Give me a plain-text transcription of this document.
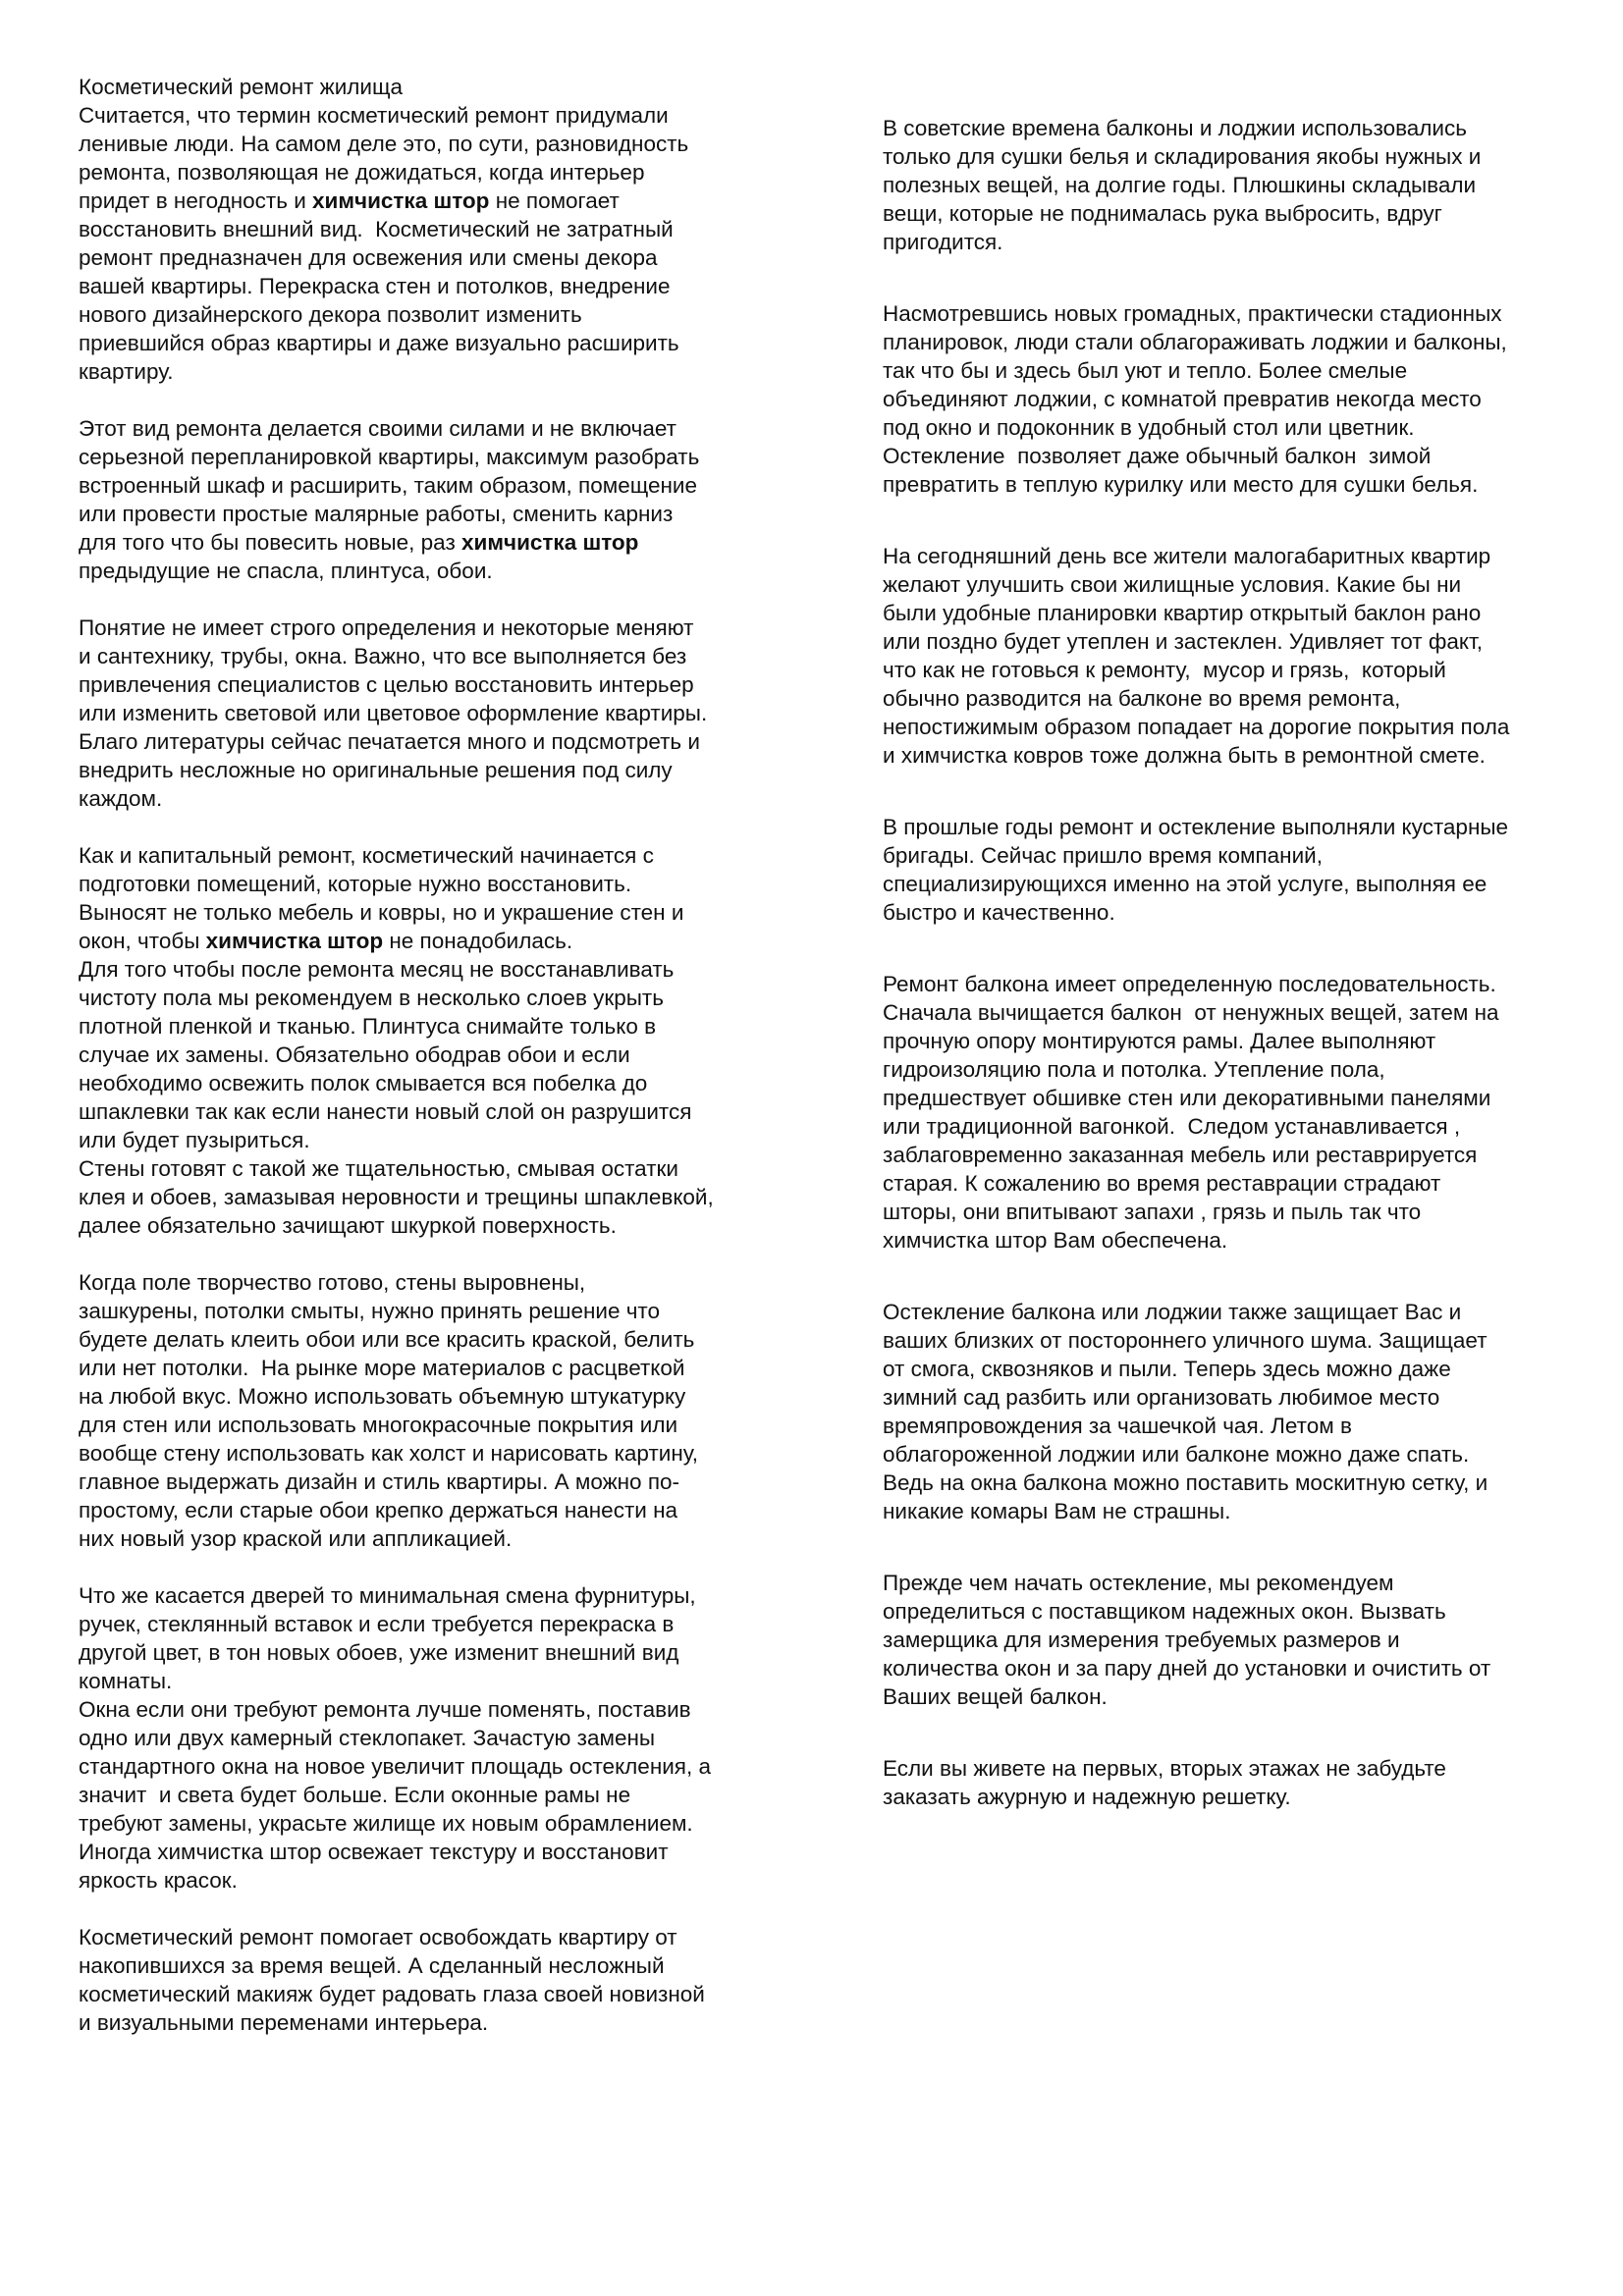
Косметический ремонт жилища
Считается, что термин косметический ремонт придумали
ленивые люди. На самом деле это, по сути, разновидность
ремонта, позволяющая не дожидаться, когда интерьер
придет в негодность и химчистка штор не помогает
восстановить внешний вид.  Косметический не затратный
ремонт предназначен для освежения или смены декора
вашей квартиры. Перекраска стен и потолков, внедрение
нового дизайнерского декора позволит изменить
приевшийся образ квартиры и даже визуально расширить
квартиру.
Этот вид ремонта делается своими силами и не включает
серьезной перепланировкой квартиры, максимум разобрать
встроенный шкаф и расширить, таким образом, помещение
или провести простые малярные работы, сменить карниз
для того что бы повесить новые, раз химчистка штор
предыдущие не спасла, плинтуса, обои.
Понятие не имеет строго определения и некоторые меняют
и сантехнику, трубы, окна. Важно, что все выполняется без
привлечения специалистов с целью восстановить интерьер
или изменить световой или цветовое оформление квартиры.
Благо литературы сейчас печатается много и подсмотреть и
внедрить несложные но оригинальные решения под силу
каждом.
Как и капитальный ремонт, косметический начинается с
подготовки помещений, которые нужно восстановить.
Выносят не только мебель и ковры, но и украшение стен и
окон, чтобы химчистка штор не понадобилась.
Для того чтобы после ремонта месяц не восстанавливать
чистоту пола мы рекомендуем в несколько слоев укрыть
плотной пленкой и тканью. Плинтуса снимайте только в
случае их замены. Обязательно ободрав обои и если
необходимо освежить полок смывается вся побелка до
шпаклевки так как если нанести новый слой он разрушится
или будет пузыриться.
Стены готовят с такой же тщательностью, смывая остатки
клея и обоев, замазывая неровности и трещины шпаклевкой,
далее обязательно зачищают шкуркой поверхность.
Когда поле творчество готово, стены выровнены,
зашкурены, потолки смыты, нужно принять решение что
будете делать клеить обои или все красить краской, белить
или нет потолки.  На рынке море материалов с расцветкой
на любой вкус. Можно использовать объемную штукатурку
для стен или использовать многокрасочные покрытия или
вообще стену использовать как холст и нарисовать картину,
главное выдержать дизайн и стиль квартиры. А можно по-
простому, если старые обои крепко держаться нанести на
них новый узор краской или аппликацией.
Что же касается дверей то минимальная смена фурнитуры,
ручек, стеклянный вставок и если требуется перекраска в
другой цвет, в тон новых обоев, уже изменит внешний вид
комнаты.
Окна если они требуют ремонта лучше поменять, поставив
одно или двух камерный стеклопакет. Зачастую замены
стандартного окна на новое увеличит площадь остекления, а
значит  и света будет больше. Если оконные рамы не
требуют замены, украсьте жилище их новым обрамлением.
Иногда химчистка штор освежает текстуру и восстановит
яркость красок.
Косметический ремонт помогает освобождать квартиру от
накопившихся за время вещей. А сделанный несложный
косметический макияж будет радовать глаза своей новизной
и визуальными переменами интерьера.
В советские времена балконы и лоджии использовались
только для сушки белья и складирования якобы нужных и
полезных вещей, на долгие годы. Плюшкины складывали
вещи, которые не поднималась рука выбросить, вдруг
пригодится.
Насмотревшись новых громадных, практически стадионных
планировок, люди стали облагораживать лоджии и балконы,
так что бы и здесь был уют и тепло. Более смелые
объединяют лоджии, с комнатой превратив некогда место
под окно и подоконник в удобный стол или цветник.
Остекление  позволяет даже обычный балкон  зимой
превратить в теплую курилку или место для сушки белья.
На сегодняшний день все жители малогабаритных квартир
желают улучшить свои жилищные условия. Какие бы ни
были удобные планировки квартир открытый баклон рано
или поздно будет утеплен и застеклен. Удивляет тот факт,
что как не готовься к ремонту,  мусор и грязь,  который
обычно разводится на балконе во время ремонта,
непостижимым образом попадает на дорогие покрытия пола
и химчистка ковров тоже должна быть в ремонтной смете.
В прошлые годы ремонт и остекление выполняли кустарные
бригады. Сейчас пришло время компаний,
специализирующихся именно на этой услуге, выполняя ее
быстро и качественно.
Ремонт балкона имеет определенную последовательность.
Сначала вычищается балкон  от ненужных вещей, затем на
прочную опору монтируются рамы. Далее выполняют
гидроизоляцию пола и потолка. Утепление пола,
предшествует обшивке стен или декоративными панелями
или традиционной вагонкой.  Следом устанавливается ,
заблаговременно заказанная мебель или реставрируется
старая. К сожалению во время реставрации страдают
шторы, они впитывают запахи , грязь и пыль так что
химчистка штор Вам обеспечена.
Остекление балкона или лоджии также защищает Вас и
ваших близких от постороннего уличного шума. Защищает
от смога, сквозняков и пыли. Теперь здесь можно даже
зимний сад разбить или организовать любимое место
времяпровождения за чашечкой чая. Летом в
облагороженной лоджии или балконе можно даже спать.
Ведь на окна балкона можно поставить москитную сетку, и
никакие комары Вам не страшны.
Прежде чем начать остекление, мы рекомендуем
определиться с поставщиком надежных окон. Вызвать
замерщика для измерения требуемых размеров и
количества окон и за пару дней до установки и очистить от
Ваших вещей балкон.
Если вы живете на первых, вторых этажах не забудьте
заказать ажурную и надежную решетку.
